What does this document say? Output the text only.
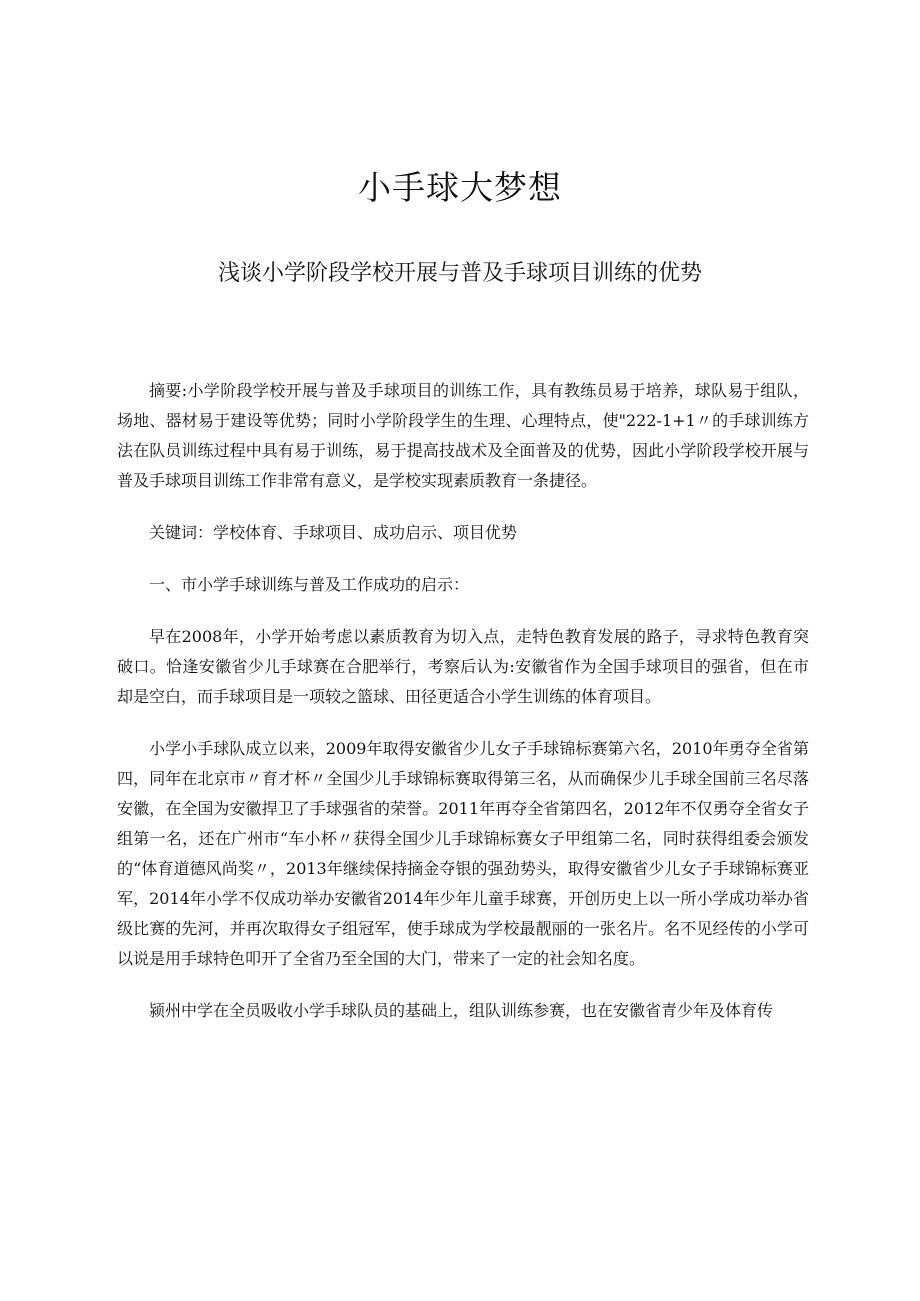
小手球大梦想
浅谈小学阶段学校开展与普及手球项目训练的优势

摘要:小学阶段学校开展与普及手球项目的训练工作，具有教练员易于培养，球队易于组队，场地、器材易于建设等优势；同时小学阶段学生的生理、心理特点，使"222-1+1〃的手球训练方法在队员训练过程中具有易于训练，易于提高技战术及全面普及的优势，因此小学阶段学校开展与普及手球项目训练工作非常有意义，是学校实现素质教育一条捷径。

关键词：学校体育、手球项目、成功启示、项目优势

一、市小学手球训练与普及工作成功的启示：

早在2008年，小学开始考虑以素质教育为切入点，走特色教育发展的路子，寻求特色教育突破口。恰逢安徽省少儿手球赛在合肥举行，考察后认为:安徽省作为全国手球项目的强省，但在市却是空白，而手球项目是一项较之篮球、田径更适合小学生训练的体育项目。

小学小手球队成立以来，2009年取得安徽省少儿女子手球锦标赛第六名，2010年勇夺全省第四，同年在北京市〃育才杯〃全国少儿手球锦标赛取得第三名，从而确保少儿手球全国前三名尽落安徽，在全国为安徽捍卫了手球强省的荣誉。2011年再夺全省第四名，2012年不仅勇夺全省女子组第一名，还在广州市“车小杯〃获得全国少儿手球锦标赛女子甲组第二名，同时获得组委会颁发的“体育道德风尚奖〃，2013年继续保持摘金夺银的强劲势头，取得安徽省少儿女子手球锦标赛亚军，2014年小学不仅成功举办安徽省2014年少年儿童手球赛，开创历史上以一所小学成功举办省级比赛的先河，并再次取得女子组冠军，使手球成为学校最靓丽的一张名片。名不见经传的小学可以说是用手球特色叩开了全省乃至全国的大门，带来了一定的社会知名度。

颍州中学在全员吸收小学手球队员的基础上，组队训练参赛，也在安徽省青少年及体育传
